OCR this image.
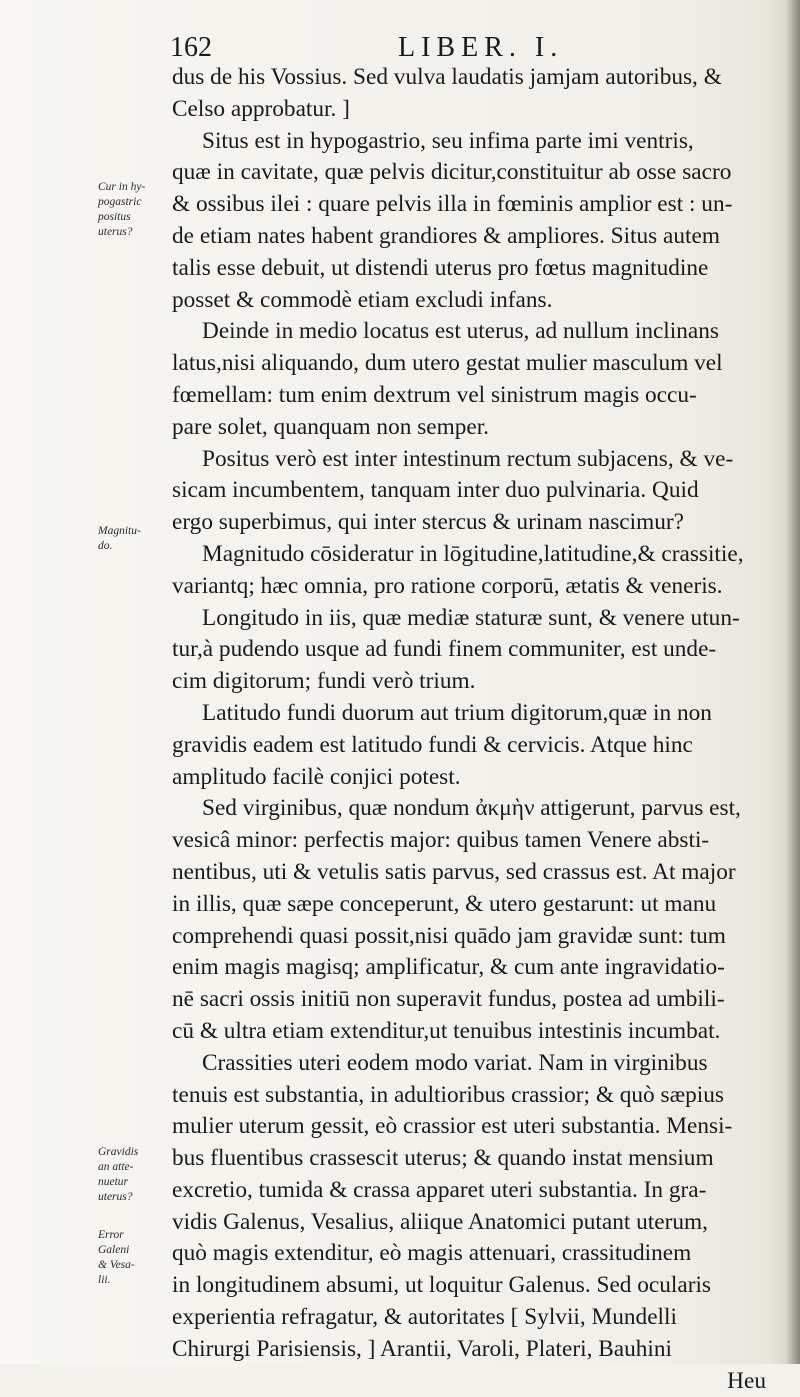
162	LIBER. I.
Cur in hy-
pogastric
positus
uterus?
Magnitu-
do.
Gravidis
an atte-
nuetur
uterus?
Error
Galeni
& Vesa-
lii.
dus de his Vossius. Sed vulva laudatis jamjam autoribus, &
Celso approbatur. ]
Situs est in hypogastrio, seu infima parte imi ventris,
quæ in cavitate, quæ pelvis dicitur,constituitur ab osse sacro
& ossibus ilei : quare pelvis illa in fœminis amplior est : un-
de etiam nates habent grandiores & ampliores. Situs autem
talis esse debuit, ut distendi uterus pro fœtus magnitudine
posset & commodè etiam excludi infans.
Deinde in medio locatus est uterus, ad nullum inclinans
latus,nisi aliquando, dum utero gestat mulier masculum vel
fœmellam: tum enim dextrum vel sinistrum magis occu-
pare solet, quanquam non semper.
Positus verò est inter intestinum rectum subjacens, & ve-
sicam incumbentem, tanquam inter duo pulvinaria. Quid
ergo superbimus, qui inter stercus & urinam nascimur?
Magnitudo cōsideratur in lōgitudine,latitudine,& crassitie,
variantq; hæc omnia, pro ratione corporū, ætatis & veneris.
Longitudo in iis, quæ mediæ staturæ sunt, & venere utun-
tur,à pudendo usque ad fundi finem communiter, est unde-
cim digitorum; fundi verò trium.
Latitudo fundi duorum aut trium digitorum,quæ in non
gravidis eadem est latitudo fundi & cervicis. Atque hinc
amplitudo facilè conjici potest.
Sed virginibus, quæ nondum ἀκμὴν attigerunt, parvus est,
vesicâ minor: perfectis major: quibus tamen Venere absti-
nentibus, uti & vetulis satis parvus, sed crassus est. At major
in illis, quæ sæpe conceperunt, & utero gestarunt: ut manu
comprehendi quasi possit,nisi quādo jam gravidæ sunt: tum
enim magis magisq; amplificatur, & cum ante ingravidatio-
nē sacri ossis initiū non superavit fundus, postea ad umbili-
cū & ultra etiam extenditur,ut tenuibus intestinis incumbat.
Crassities uteri eodem modo variat. Nam in virginibus
tenuis est substantia, in adultioribus crassior; & quò sæpius
mulier uterum gessit, eò crassior est uteri substantia. Mensi-
bus fluentibus crassescit uterus; & quando instat mensium
excretio, tumida & crassa apparet uteri substantia. In gra-
vidis Galenus, Vesalius, aliique Anatomici putant uterum,
quò magis extenditur, eò magis attenuari, crassitudinem
in longitudinem absumi, ut loquitur Galenus. Sed ocularis
experientia refragatur, & autoritates [ Sylvii, Mundelli
Chirurgi Parisiensis, ] Arantii, Varoli, Plateri, Bauhini
Heu
